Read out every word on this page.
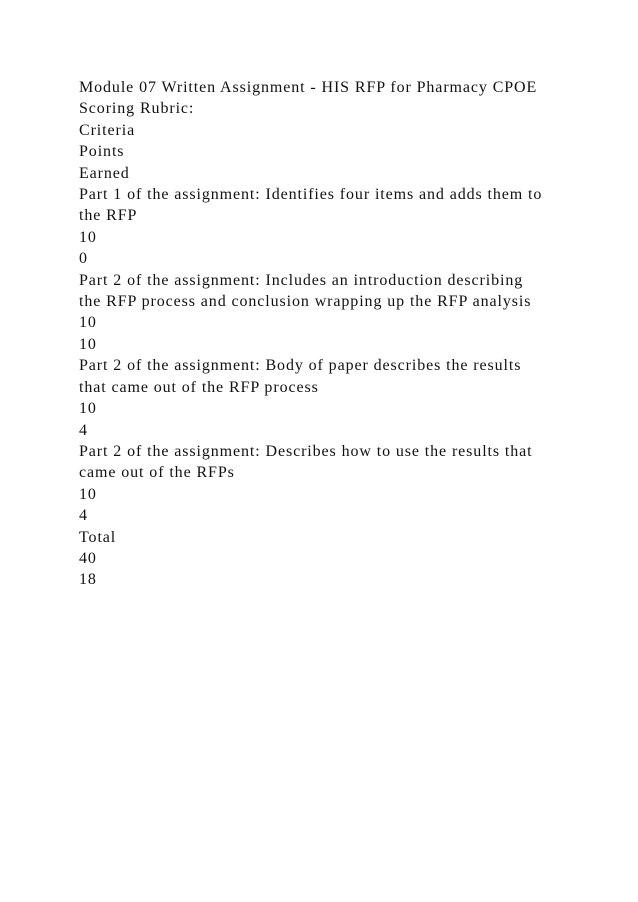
Module 07 Written Assignment - HIS RFP for Pharmacy CPOE
Scoring Rubric:
Criteria
Points
Earned
Part 1 of the assignment: Identifies four items and adds them to
the RFP
10
0
Part 2 of the assignment: Includes an introduction describing
the RFP process and conclusion wrapping up the RFP analysis
10
10
Part 2 of the assignment: Body of paper describes the results
that came out of the RFP process
10
4
Part 2 of the assignment: Describes how to use the results that
came out of the RFPs
10
4
Total
40
18
